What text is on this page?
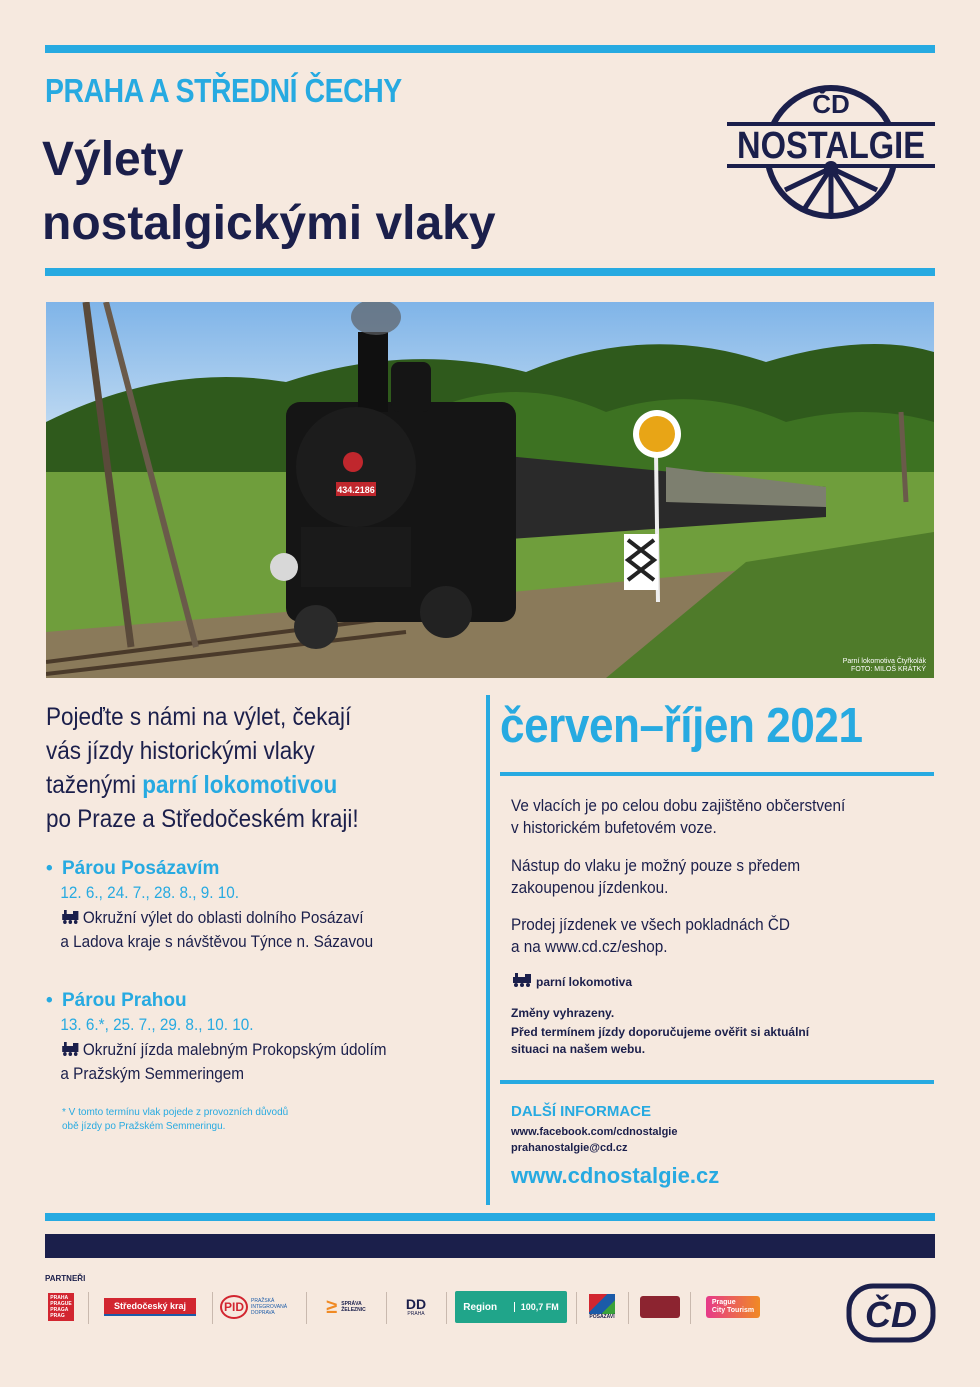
PRAHA A STŘEDNÍ ČECHY
Výlety
nostalgickými vlaky
ČD
NOSTALGIE
434.2186
Parní lokomotiva Čtyřkolák
FOTO: MILOŠ KRÁTKÝ
Pojeďte s námi na výlet, čekají
vás jízdy historickými vlaky
taženými parní lokomotivou
po Praze a Středočeském kraji!
• Párou Posázavím
12. 6., 24. 7., 28. 8., 9. 10.
Okružní výlet do oblasti dolního Posázaví
a Ladova kraje s návštěvou Týnce n. Sázavou
• Párou Prahou
13. 6.*, 25. 7., 29. 8., 10. 10.
Okružní jízda malebným Prokopským údolím
a Pražským Semmeringem
* V tomto termínu vlak pojede z provozních důvodů
obě jízdy po Pražském Semmeringu.
červen–říjen 2021
Ve vlacích je po celou dobu zajištěno občerstvení
v historickém bufetovém voze.
Nástup do vlaku je možný pouze s předem
zakoupenou jízdenkou.
Prodej jízdenek ve všech pokladnách ČD
a na www.cd.cz/eshop.
parní lokomotiva
Změny vyhrazeny.
Před termínem jízdy doporučujeme ověřit si aktuální
situaci na našem webu.
DALŠÍ INFORMACE
www.facebook.com/cdnostalgie
prahanostalgie@cd.cz
www.cdnostalgie.cz
PARTNEŘI
PRAHA
PRAGUE
PRAGA
PRAG
Středočeský kraj	PID	PRAŽSKÁ
INTEGROVANÁ
DOPRAVA	≥ SPRÁVA
ŽELEZNIC	DD
PRAHA
Region	100,7 FM
POSÁZAVÍ
Prague
City Tourism	ČD
